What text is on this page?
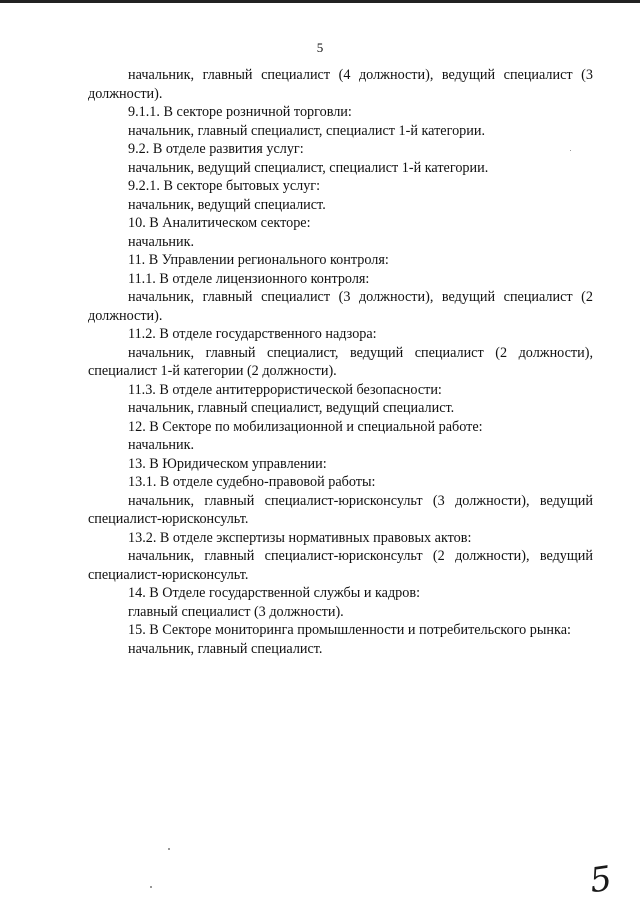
5

начальник, главный специалист (4 должности), ведущий специалист (3 должности).

9.1.1. В секторе розничной торговли:

начальник, главный специалист, специалист 1-й категории.

9.2. В отделе развития услуг:

начальник, ведущий специалист, специалист 1-й категории.

9.2.1. В секторе бытовых услуг:

начальник, ведущий специалист.

10. В Аналитическом секторе:

начальник.

11. В Управлении регионального контроля:

11.1. В отделе лицензионного контроля:

начальник, главный специалист (3 должности), ведущий специалист (2 должности).

11.2. В отделе государственного надзора:

начальник, главный специалист, ведущий специалист (2 должности), специалист 1-й категории (2 должности).

11.3. В отделе антитеррористической безопасности:

начальник, главный специалист, ведущий специалист.

12. В Секторе по мобилизационной и специальной работе:

начальник.

13. В Юридическом управлении:

13.1. В отделе судебно-правовой работы:

начальник, главный специалист-юрисконсульт (3 должности), ведущий специалист-юрисконсульт.

13.2. В отделе экспертизы нормативных правовых актов:

начальник, главный специалист-юрисконсульт (2 должности), ведущий специалист-юрисконсульт.

14. В Отделе государственной службы и кадров:

главный специалист (3 должности).

15. В Секторе мониторинга промышленности и потребительского рынка:

начальник, главный специалист.

5
